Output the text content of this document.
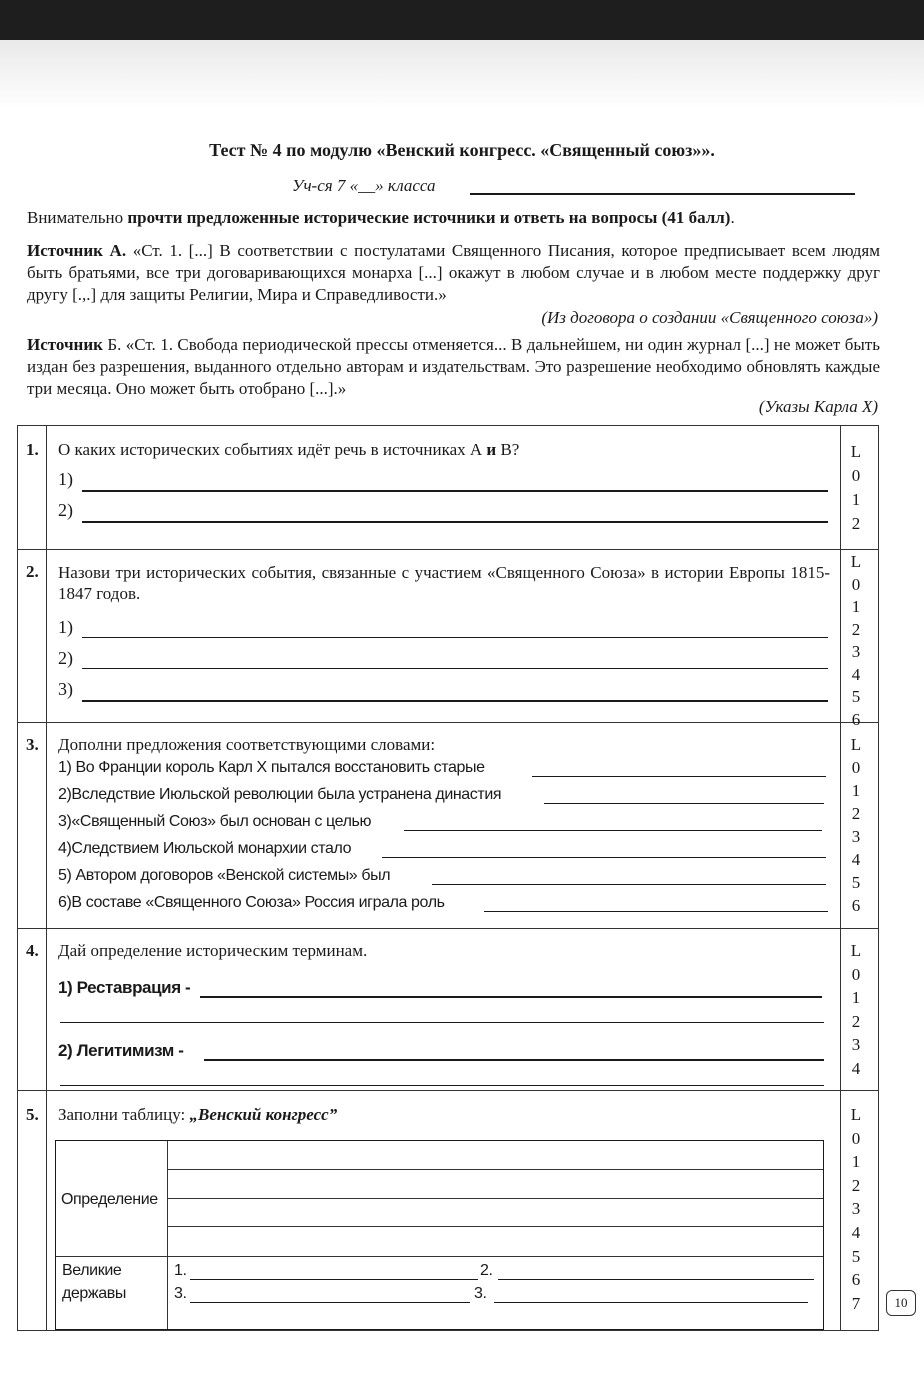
Тест № 4 по модулю «Венский конгресс. «Священный союз»».
Уч-ся 7 «__» класса
Внимательно прочти предложенные исторические источники и ответь на вопросы (41 балл).
Источник А. «Ст. 1. [...] В соответствии с постулатами Священного Писания, которое предписывает всем людям быть братьями, все три договаривающихся монарха [...] окажут в любом случае и в любом месте поддержку друг другу [.,.] для защиты Религии, Мира и Справедливости.»
(Из договора о создании «Священного союза»)
Источник Б. «Ст. 1. Свобода периодической прессы отменяется... В дальнейшем, ни один журнал [...] не может быть издан без разрешения, выданного отдельно авторам и издательствам. Это разрешение необходимо обновлять каждые три месяца. Оно может быть отобрано [...].»
(Указы Карла X)
1. О каких исторических событиях идёт речь в источниках А и В?
1)
2)
L
0
1
2
2. Назови три исторических события, связанные с участием «Священного Союза» в истории Европы 1815-1847 годов.
1)
2)
3)
L
0
1
2
3
4
5
6
3. Дополни предложения соответствующими словами:
1) Во Франции король Карл X пытался восстановить старые
2)Вследствие Июльской революции была устранена династия
3)«Священный Союз» был основан с целью
4)Следствием Июльской монархии стало
5) Автором договоров «Венской системы» был
6)В составе «Священного Союза» Россия играла роль
L
0
1
2
3
4
5
6
4. Дай определение историческим терминам.
1) Реставрация -
2) Легитимизм -
L
0
1
2
3
4
5. Заполни таблицу: „Венский конгресс”
Определение
Великие
державы
1.	2.
3.	3.
L
0
1
2
3
4
5
6
7	10
